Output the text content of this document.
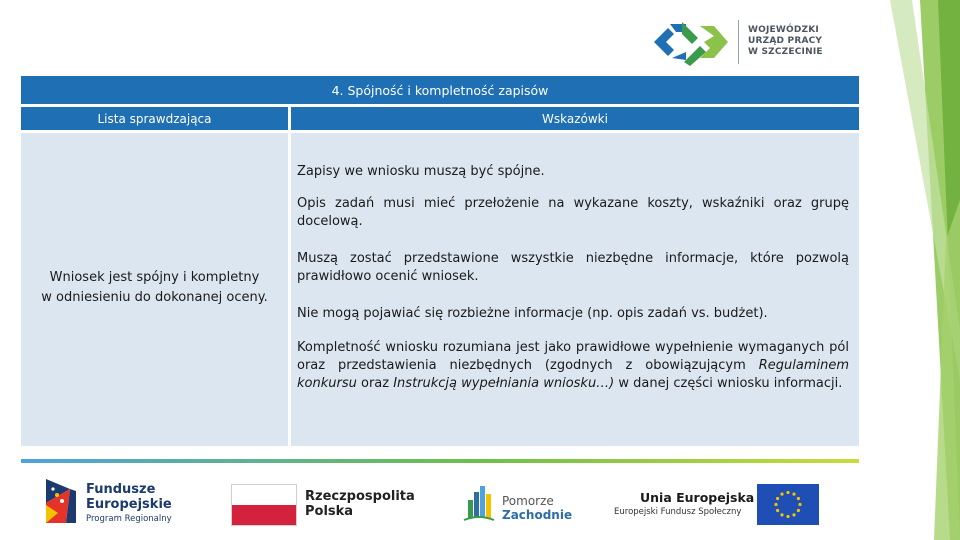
WOJEWÓDZKI
URZĄD PRACY
W SZCZECINIE
4. Spójność i kompletność zapisów
Lista sprawdzająca	Wskazówki
Wniosek jest spójny i kompletny
w odniesieniu do dokonanej oceny.
Zapisy we wniosku muszą być spójne.
Opis zadań musi mieć przełożenie na wykazane koszty, wskaźniki oraz grupę docelową.
Muszą zostać przedstawione wszystkie niezbędne informacje, które pozwolą prawidłowo ocenić wniosek.
Nie mogą pojawiać się rozbieżne informacje (np. opis zadań vs. budżet).
Kompletność wniosku rozumiana jest jako prawidłowe wypełnienie wymaganych pól oraz przedstawienia niezbędnych (zgodnych z obowiązującym Regulaminem konkursu oraz Instrukcją wypełniania wniosku…) w danej części wniosku informacji.
Fundusze
Europejskie
Program Regionalny
Rzeczpospolita
Polska
Pomorze
Zachodnie
Unia Europejska
Europejski Fundusz Społeczny
